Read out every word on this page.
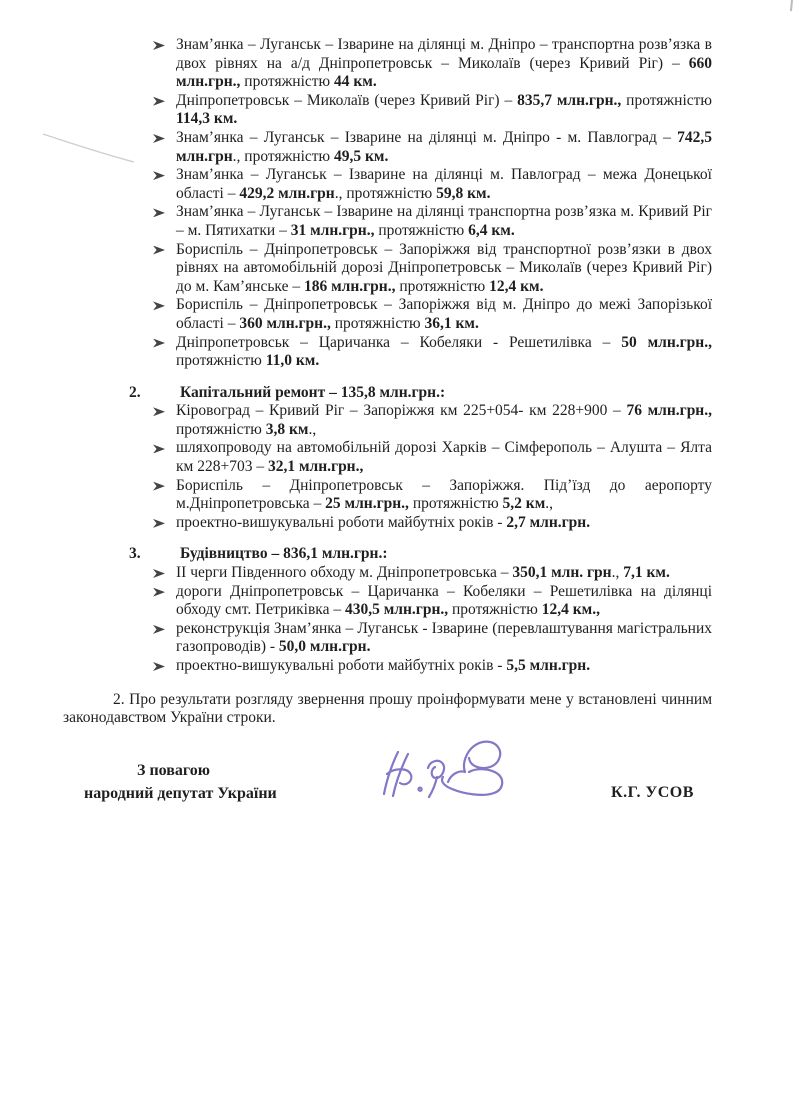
Знам’янка – Луганськ – Ізварине на ділянці м. Дніпро – транспортна розв’язка в двох рівнях на а/д Дніпропетровськ – Миколаїв (через Кривий Ріг) – 660 млн.грн., протяжністю 44 км.
Дніпропетровськ – Миколаїв (через Кривий Ріг) – 835,7 млн.грн., протяжністю 114,3 км.
Знам’янка – Луганськ – Ізварине на ділянці м. Дніпро - м. Павлоград – 742,5 млн.грн., протяжністю 49,5 км.
Знам’янка – Луганськ – Ізварине на ділянці м. Павлоград – межа Донецької області – 429,2 млн.грн., протяжністю 59,8 км.
Знам’янка – Луганськ – Ізварине на ділянці транспортна розв’язка м. Кривий Ріг – м. Пятихатки – 31 млн.грн., протяжністю 6,4 км.
Бориспіль – Дніпропетровськ – Запоріжжя від транспортної розв’язки в двох рівнях на автомобільній дорозі Дніпропетровськ – Миколаїв (через Кривий Ріг) до м. Кам’янське – 186 млн.грн., протяжністю 12,4 км.
Бориспіль – Дніпропетровськ – Запоріжжя від м. Дніпро до межі Запорізької області – 360 млн.грн., протяжністю 36,1 км.
Дніпропетровськ – Царичанка – Кобеляки - Решетилівка – 50 млн.грн., протяжністю 11,0 км.
2.	Капітальний ремонт – 135,8 млн.грн.:
Кіровоград – Кривий Ріг – Запоріжжя км 225+054- км 228+900 – 76 млн.грн., протяжністю 3,8 км.,
шляхопроводу на автомобільній дорозі Харків – Сімферополь – Алушта – Ялта км 228+703 – 32,1 млн.грн.,
Бориспіль – Дніпропетровськ – Запоріжжя. Під’їзд до аеропорту м.Дніпропетровська – 25 млн.грн., протяжністю 5,2 км.,
проектно-вишукувальні роботи майбутніх років - 2,7 млн.грн.
3.	Будівництво – 836,1 млн.грн.:
ІІ черги Південного обходу м. Дніпропетровська – 350,1 млн. грн., 7,1 км.
дороги Дніпропетровськ – Царичанка – Кобеляки – Решетилівка на ділянці обходу смт. Петриківка – 430,5 млн.грн., протяжністю 12,4 км.,
реконструкція Знам’янка – Луганськ - Ізварине (перевлаштування магістральних газопроводів) - 50,0 млн.грн.
проектно-вишукувальні роботи майбутніх років - 5,5 млн.грн.

2. Про результати розгляду звернення прошу проінформувати мене у встановлені чинним законодавством України строки.

З повагою
народний депутат України	К.Г. УСОВ
